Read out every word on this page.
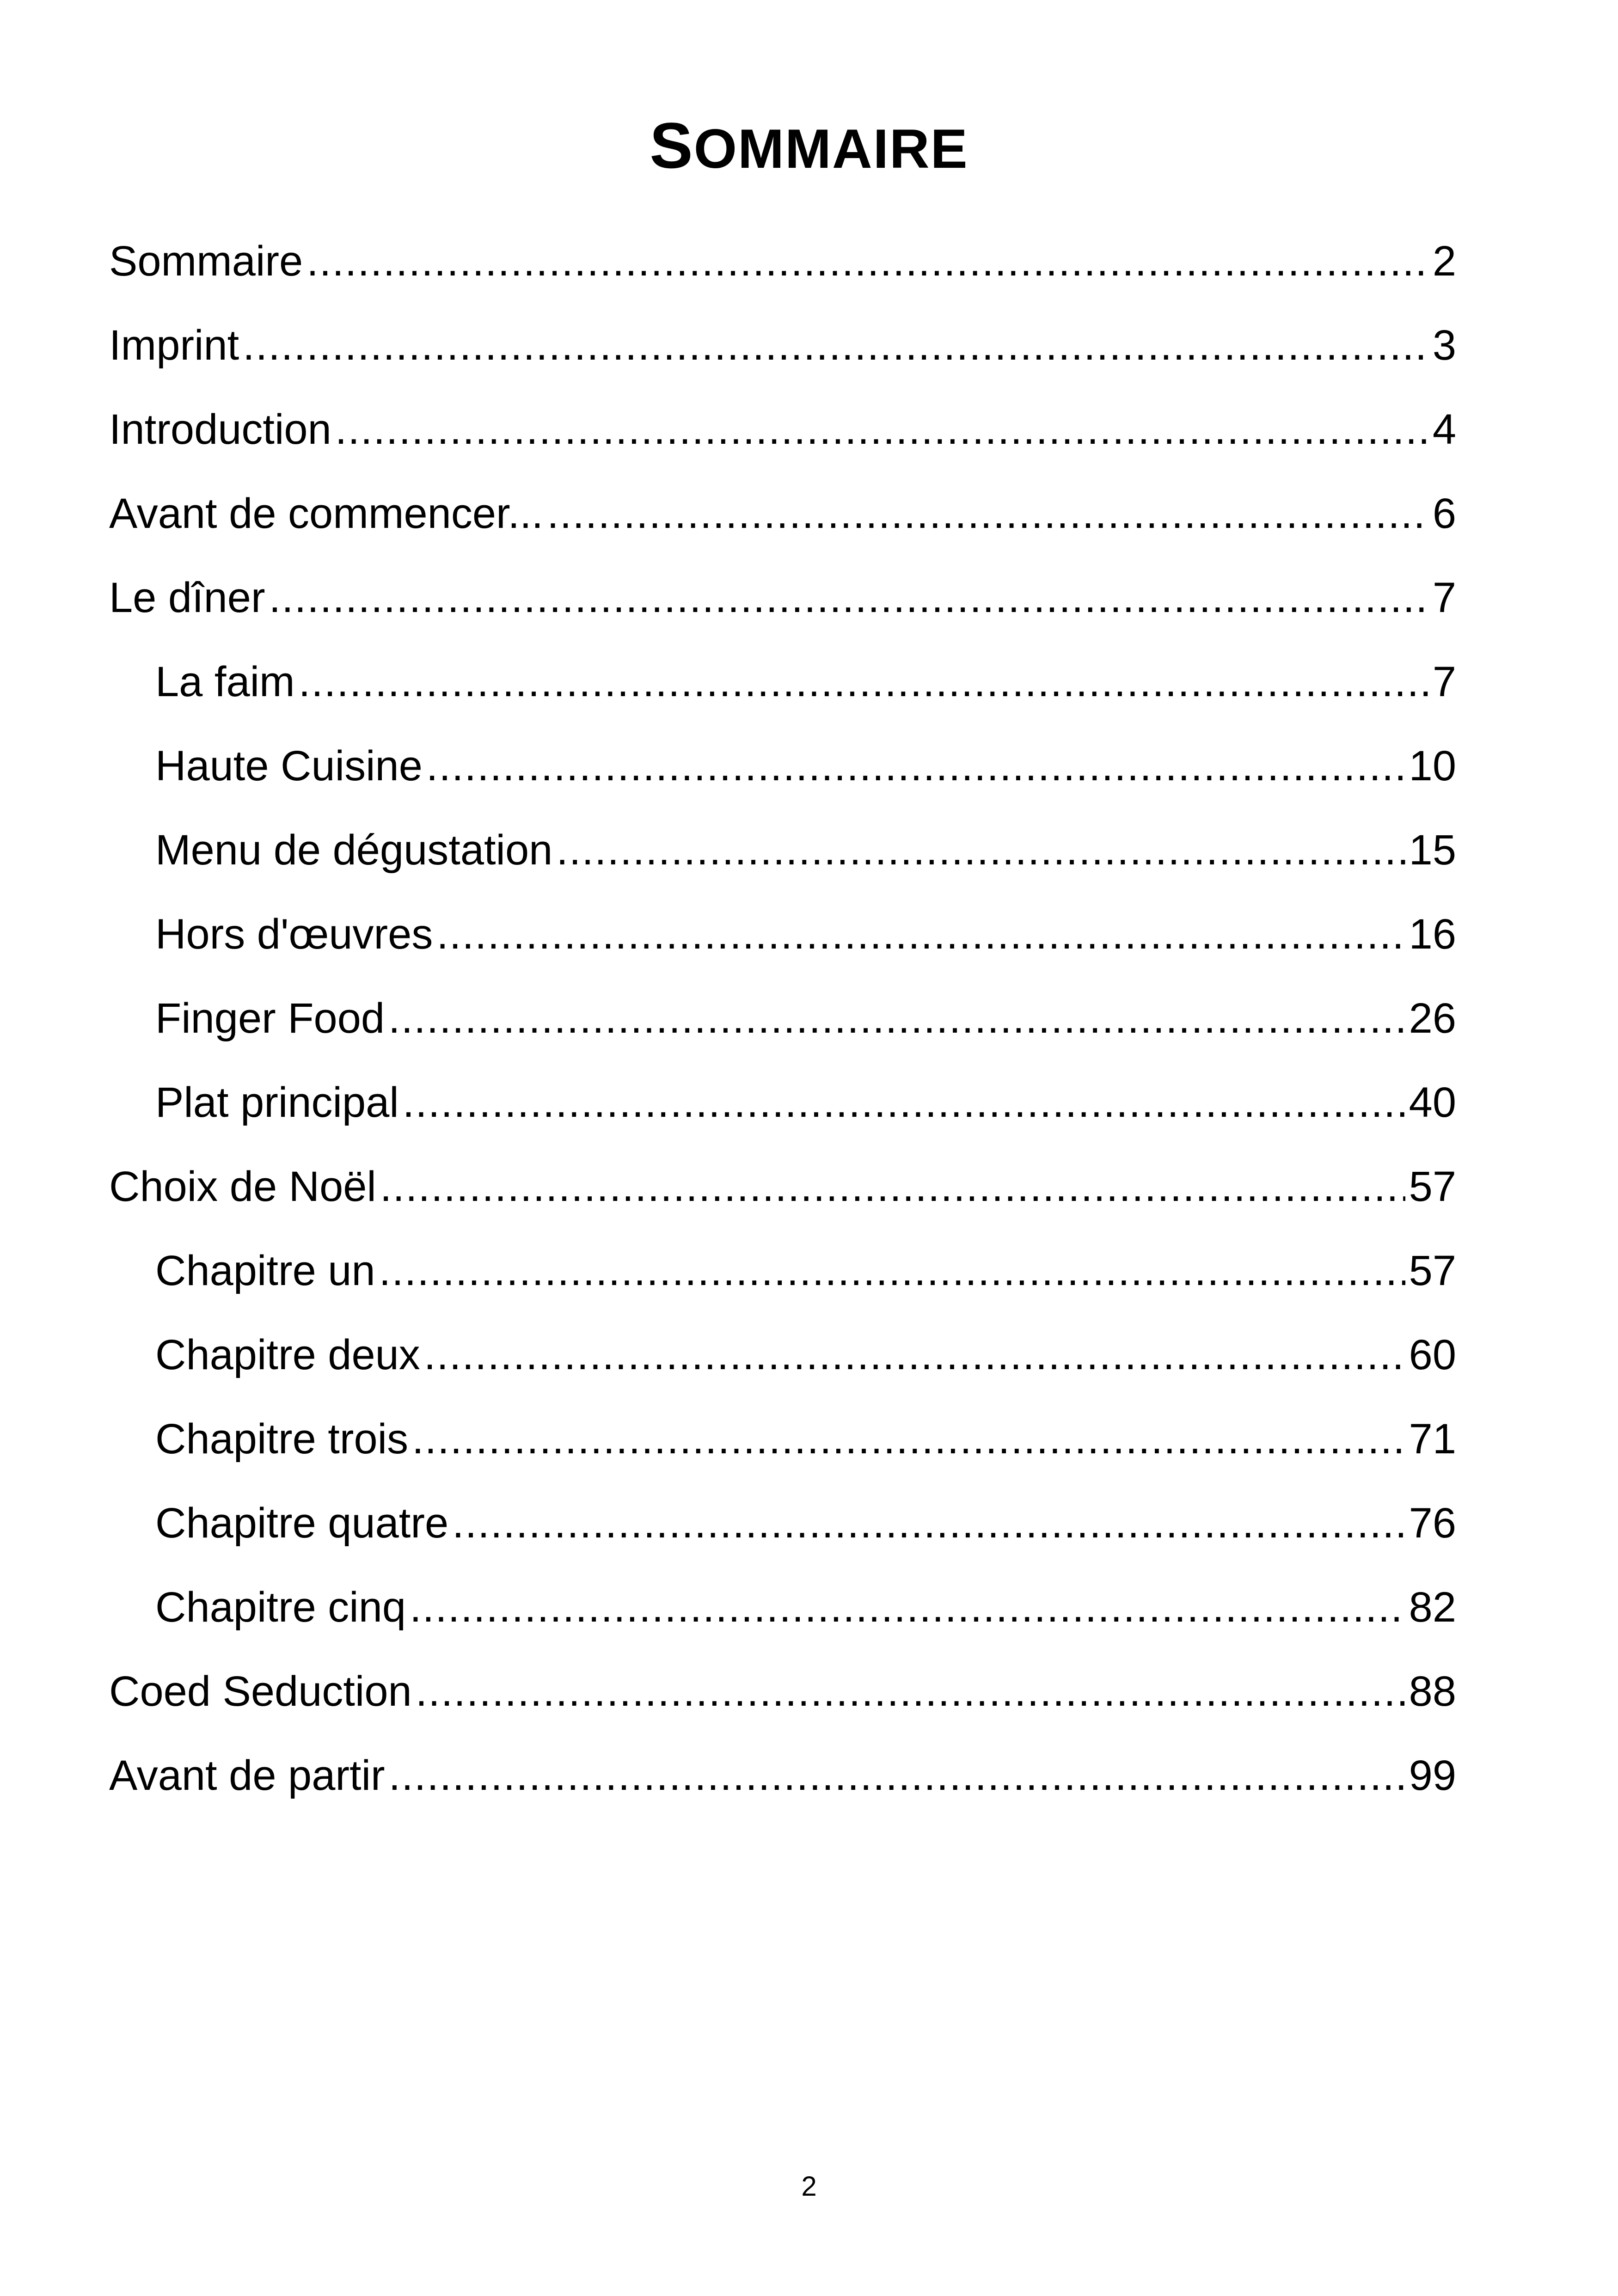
SOMMAIRE
Sommaire .....	2
Imprint .....	3
Introduction .....	4
Avant de commencer... .....	6
Le dîner .....	7
La faim .....	7
Haute Cuisine .....	10
Menu de dégustation .....	15
Hors d'œuvres .....	16
Finger Food .....	26
Plat principal .....	40
Choix de Noël .....	57
Chapitre un .....	57
Chapitre deux .....	60
Chapitre trois .....	71
Chapitre quatre .....	76
Chapitre cinq .....	82
Coed Seduction .....	88
Avant de partir .....	99
2
